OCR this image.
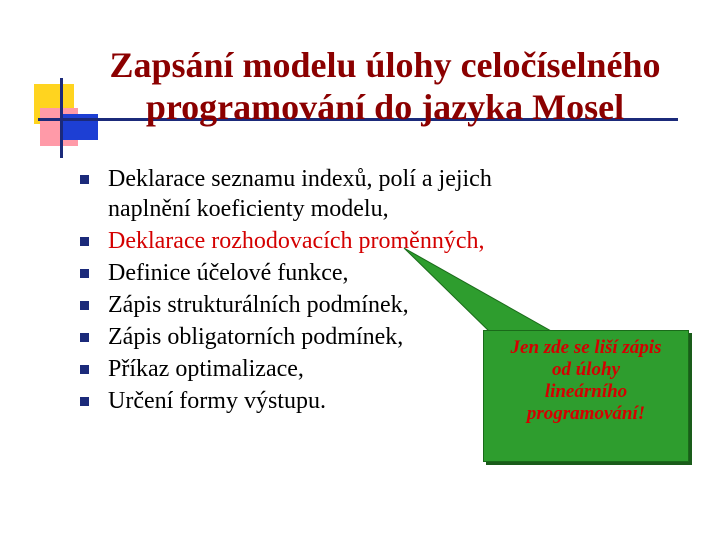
Zapsání modelu úlohy celočíselného
programování do jazyka Mosel
Deklarace seznamu indexů, polí a jejich
naplnění koeficienty modelu,
Deklarace rozhodovacích proměnných,
Definice účelové funkce,
Zápis strukturálních podmínek,
Zápis obligatorních podmínek,
Příkaz optimalizace,
Určení formy výstupu.
Jen zde se liší zápis
od úlohy
lineárního
programování!
